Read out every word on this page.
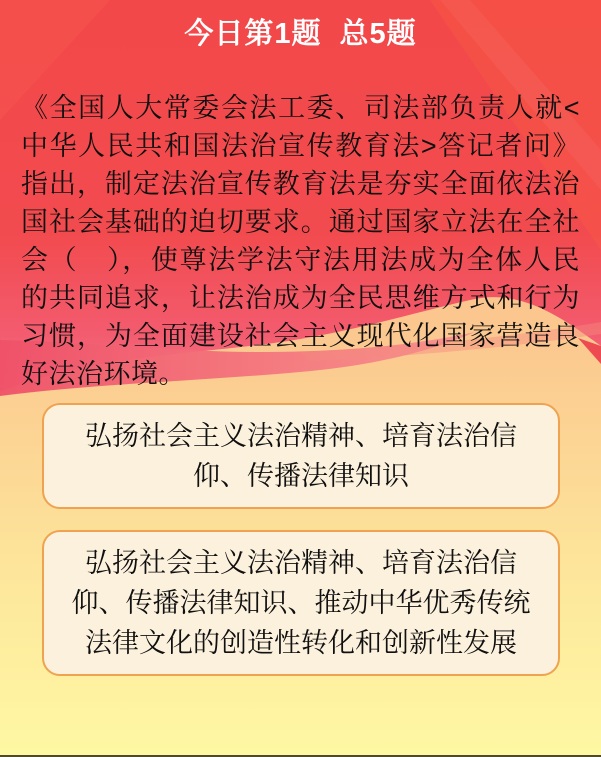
今日第1题  总5题

《全国人大常委会法工委、司法部负责人就<中华人民共和国法治宣传教育法>答记者问》 指出，制定法治宣传教育法是夯实全面依法治国社会基础的迫切要求。通过国家立法在全社会（　），使尊法学法守法用法成为全体人民的共同追求，让法治成为全民思维方式和行为习惯，为全面建设社会主义现代化国家营造良好法治环境。

弘扬社会主义法治精神、培育法治信仰、传播法律知识
弘扬社会主义法治精神、培育法治信仰、传播法律知识、推动中华优秀传统法律文化的创造性转化和创新性发展
